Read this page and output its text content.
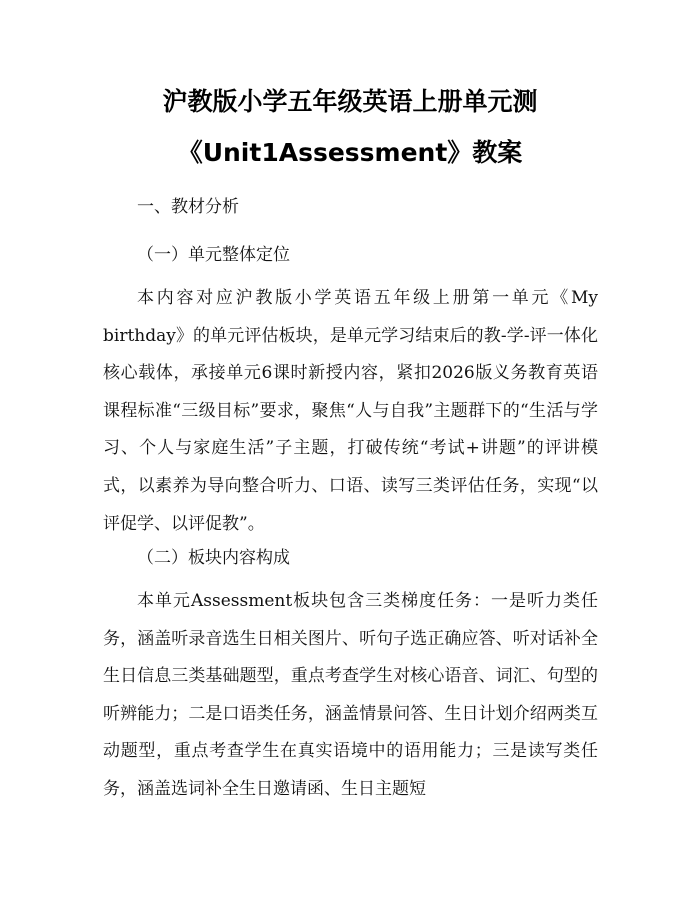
沪教版小学五年级英语上册单元测
《Unit1Assessment》教案
一、教材分析
（一）单元整体定位

本内容对应沪教版小学英语五年级上册第一单元《My birthday》的单元评估板块，是单元学习结束后的教-学-评一体化核心载体，承接单元6课时新授内容，紧扣2026版义务教育英语课程标准“三级目标”要求，聚焦“人与自我”主题群下的“生活与学习、个人与家庭生活”子主题，打破传统“考试+讲题”的评讲模式，以素养为导向整合听力、口语、读写三类评估任务，实现“以评促学、以评促教”。

（二）板块内容构成

本单元Assessment板块包含三类梯度任务：一是听力类任务，涵盖听录音选生日相关图片、听句子选正确应答、听对话补全生日信息三类基础题型，重点考查学生对核心语音、词汇、句型的听辨能力；二是口语类任务，涵盖情景问答、生日计划介绍两类互动题型，重点考查学生在真实语境中的语用能力；三是读写类任务，涵盖选词补全生日邀请函、生日主题短
